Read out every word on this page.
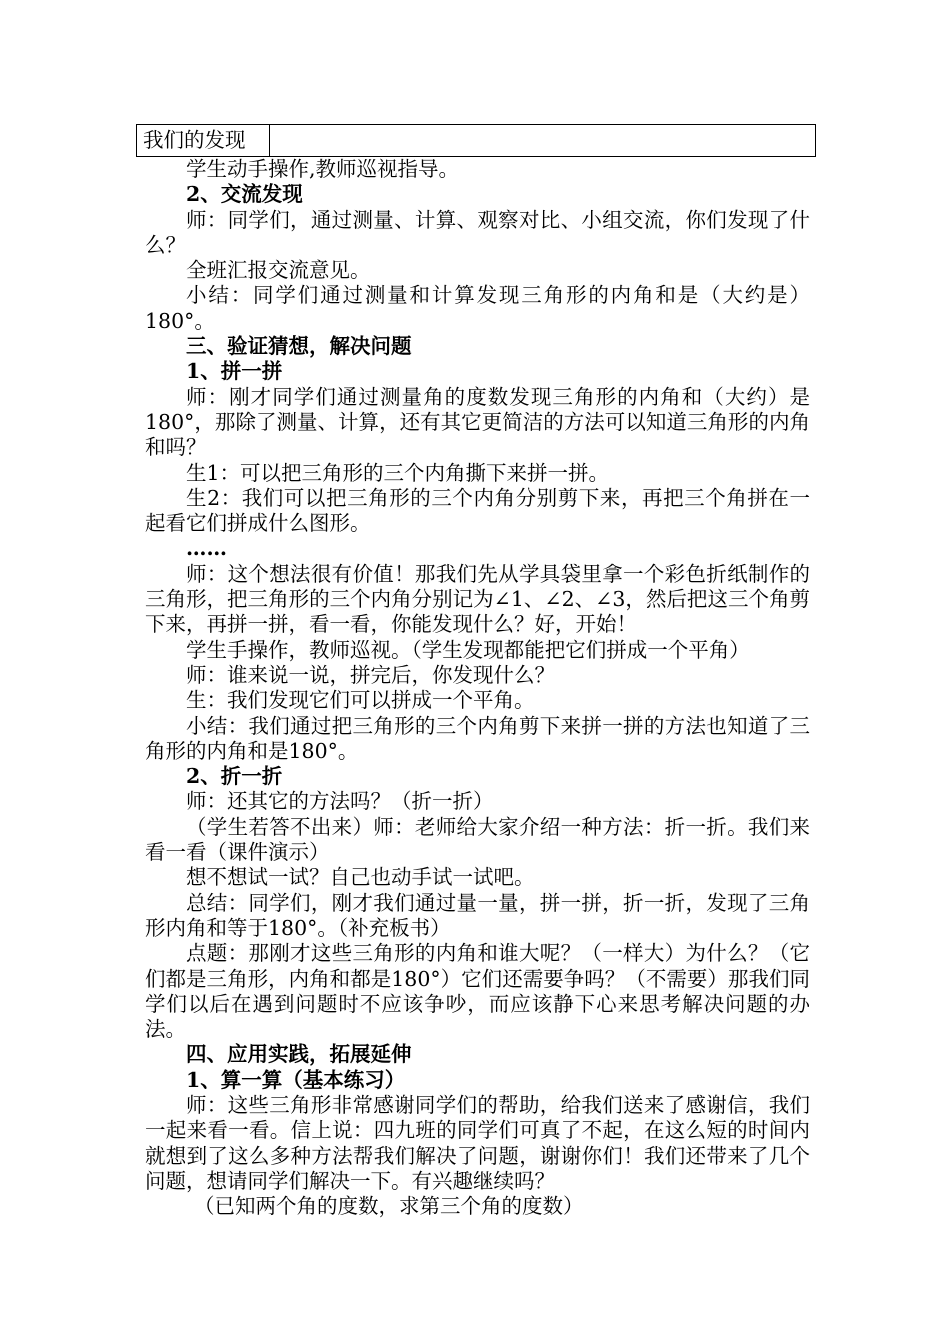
我们的发现	

学生动手操作,教师巡视指导。

2、交流发现

师：同学们，通过测量、计算、观察对比、小组交流，你们发现了什么？

全班汇报交流意见。

小结：同学们通过测量和计算发现三角形的内角和是（大约是）180°。

三、验证猜想，解决问题

1、拼一拼

师：刚才同学们通过测量角的度数发现三角形的内角和（大约）是180°，那除了测量、计算，还有其它更简洁的方法可以知道三角形的内角和吗？

生1：可以把三角形的三个内角撕下来拼一拼。

生2：我们可以把三角形的三个内角分别剪下来，再把三个角拼在一起看它们拼成什么图形。

……

师：这个想法很有价值！那我们先从学具袋里拿一个彩色折纸制作的三角形，把三角形的三个内角分别记为∠1、∠2、∠3，然后把这三个角剪下来，再拼一拼，看一看，你能发现什么？好，开始！

学生手操作，教师巡视。（学生发现都能把它们拼成一个平角）

师：谁来说一说，拼完后，你发现什么？

生：我们发现它们可以拼成一个平角。

小结：我们通过把三角形的三个内角剪下来拼一拼的方法也知道了三角形的内角和是180°。

2、折一折

师：还其它的方法吗？（折一折）

（学生若答不出来）师：老师给大家介绍一种方法：折一折。我们来看一看（课件演示）

想不想试一试？自己也动手试一试吧。

总结：同学们，刚才我们通过量一量，拼一拼，折一折，发现了三角形内角和等于180°。（补充板书）

点题：那刚才这些三角形的内角和谁大呢？（一样大）为什么？（它们都是三角形，内角和都是180°）它们还需要争吗？（不需要）那我们同学们以后在遇到问题时不应该争吵，而应该静下心来思考解决问题的办法。

四、应用实践，拓展延伸

1、算一算（基本练习）

师：这些三角形非常感谢同学们的帮助，给我们送来了感谢信，我们一起来看一看。信上说：四九班的同学们可真了不起，在这么短的时间内就想到了这么多种方法帮我们解决了问题，谢谢你们！我们还带来了几个问题，想请同学们解决一下。有兴趣继续吗？

（已知两个角的度数，求第三个角的度数）
